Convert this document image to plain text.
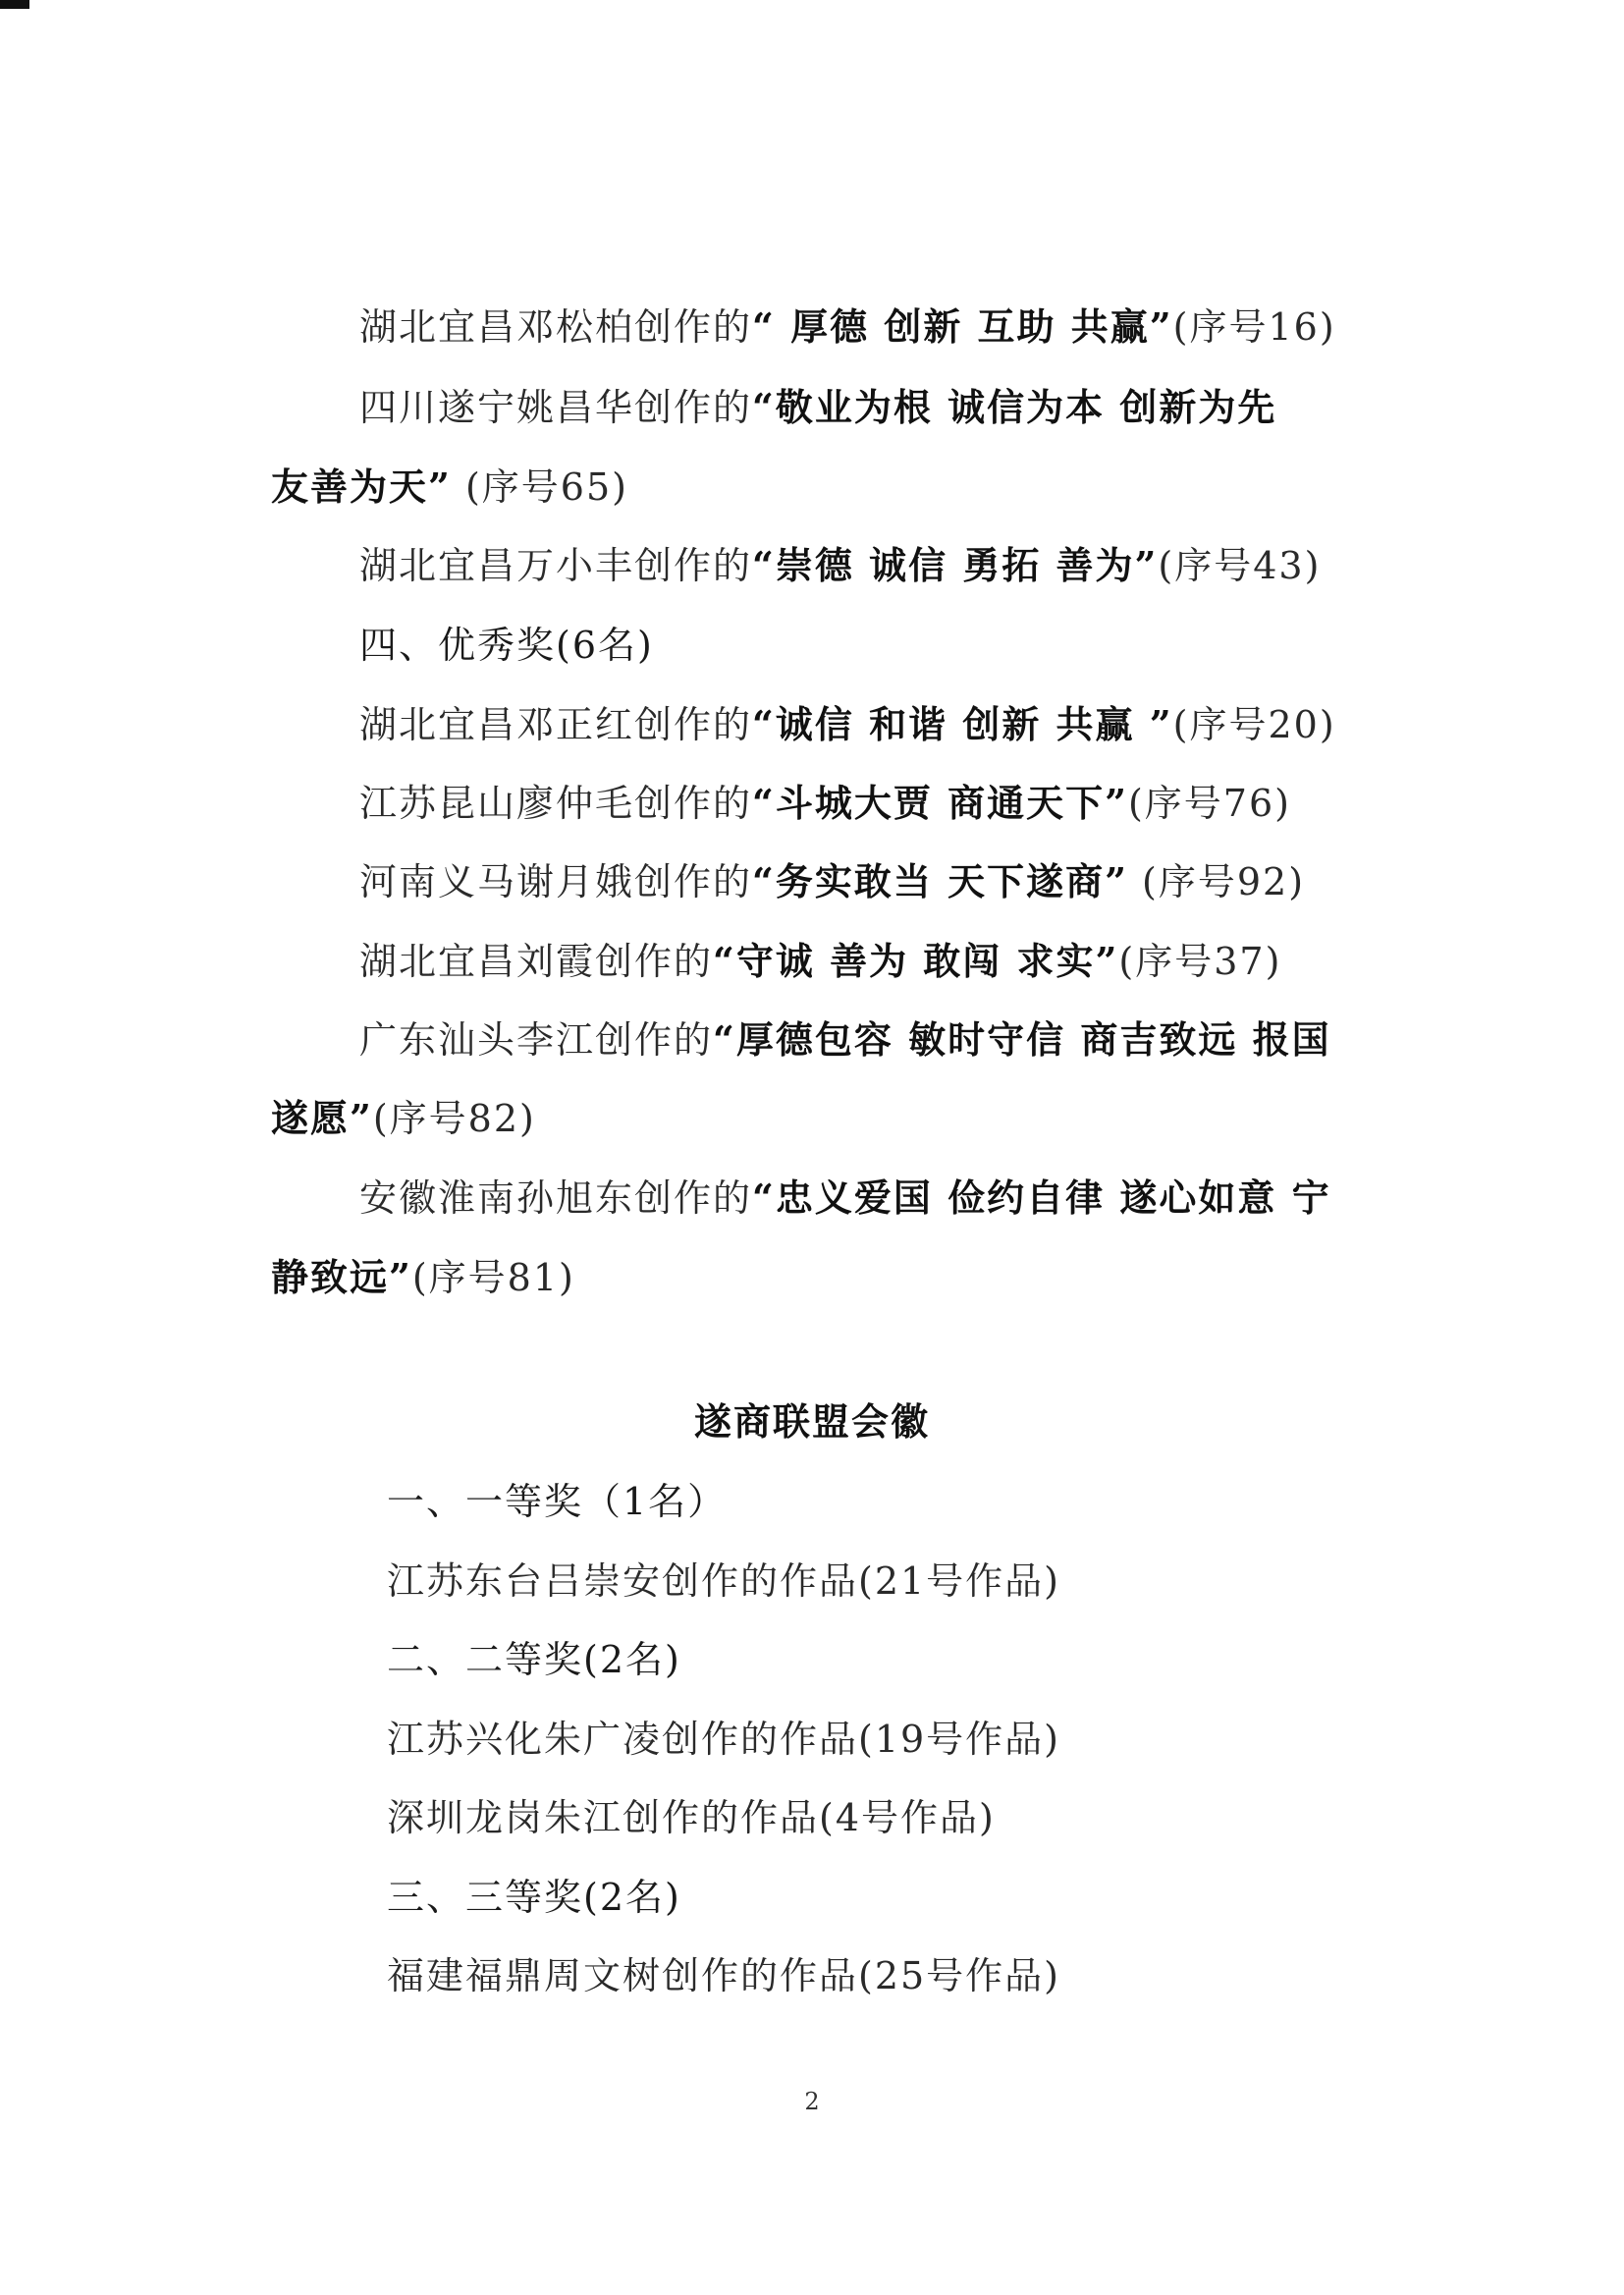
湖北宜昌邓松柏创作的“ 厚德 创新 互助 共赢”(序号16)
四川遂宁姚昌华创作的“敬业为根 诚信为本 创新为先
友善为天” (序号65)
湖北宜昌万小丰创作的“崇德 诚信 勇拓 善为”(序号43)
四、优秀奖(6名)
湖北宜昌邓正红创作的“诚信 和谐 创新 共赢 ”(序号20)
江苏昆山廖仲毛创作的“斗城大贾 商通天下”(序号76)
河南义马谢月娥创作的“务实敢当 天下遂商” (序号92)
湖北宜昌刘霞创作的“守诚 善为 敢闯 求实”(序号37)
广东汕头李江创作的“厚德包容 敏时守信 商吉致远 报国
遂愿”(序号82)
安徽淮南孙旭东创作的“忠义爱国 俭约自律 遂心如意 宁
静致远”(序号81)
遂商联盟会徽
一、一等奖（1名）
江苏东台吕崇安创作的作品(21号作品)
二、二等奖(2名)
江苏兴化朱广凌创作的作品(19号作品)
深圳龙岗朱江创作的作品(4号作品)
三、三等奖(2名)
福建福鼎周文树创作的作品(25号作品)
2
